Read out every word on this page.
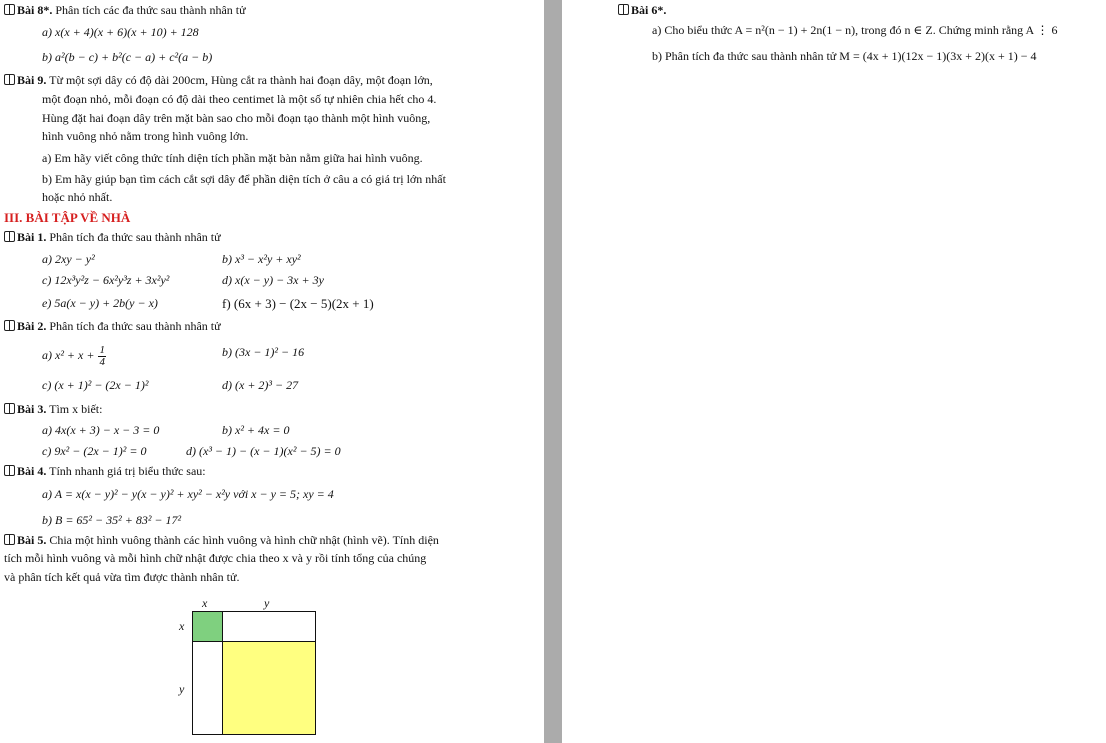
Bài 8*. Phân tích các đa thức sau thành nhân tử
a) x(x + 4)(x + 6)(x + 10) + 128
b) a²(b − c) + b²(c − a) + c²(a − b)
Bài 9. Từ một sợi dây có độ dài 200cm, Hùng cắt ra thành hai đoạn dây, một đoạn lớn,
một đoạn nhỏ, mỗi đoạn có độ dài theo centimet là một số tự nhiên chia hết cho 4.
Hùng đặt hai đoạn dây trên mặt bàn sao cho mỗi đoạn tạo thành một hình vuông,
hình vuông nhỏ nằm trong hình vuông lớn.
a) Em hãy viết công thức tính diện tích phần mặt bàn nằm giữa hai hình vuông.
b) Em hãy giúp bạn tìm cách cắt sợi dây để phần diện tích ở câu a có giá trị lớn nhất
hoặc nhỏ nhất.
III. BÀI TẬP VỀ NHÀ
Bài 1. Phân tích đa thức sau thành nhân tử
a) 2xy − y²	b) x³ − x²y + xy²
c) 12x³y²z − 6x²y³z + 3x²y²	d) x(x − y) − 3x + 3y
e) 5a(x − y) + 2b(y − x)	f) (6x + 3) − (2x − 5)(2x + 1)
Bài 2. Phân tích đa thức sau thành nhân tử
a) $x^2 + x + \frac{1}{4}$	b) (3x − 1)² − 16
c) (x + 1)² − (2x − 1)²	d) (x + 2)³ − 27
Bài 3. Tìm x biết:
a) 4x(x + 3) − x − 3 = 0	b) x² + 4x = 0
c) 9x² − (2x − 1)² = 0	d) (x³ − 1) − (x − 1)(x² − 5) = 0
Bài 4. Tính nhanh giá trị biểu thức sau:
a) A = x(x − y)² − y(x − y)² + xy² − x²y với x − y = 5; xy = 4
b) B = 65² − 35² + 83² − 17²
Bài 5. Chia một hình vuông thành các hình vuông và hình chữ nhật (hình vẽ). Tính diện
tích mỗi hình vuông và mỗi hình chữ nhật được chia theo x và y rồi tính tổng của chúng
và phân tích kết quả vừa tìm được thành nhân tử.
x	y
x
y
Bài 6*.
a) Cho biểu thức A = n²(n − 1) + 2n(1 − n), trong đó n ∈ Z. Chứng minh rằng A ⋮ 6
b) Phân tích đa thức sau thành nhân tử M = (4x + 1)(12x − 1)(3x + 2)(x + 1) − 4
